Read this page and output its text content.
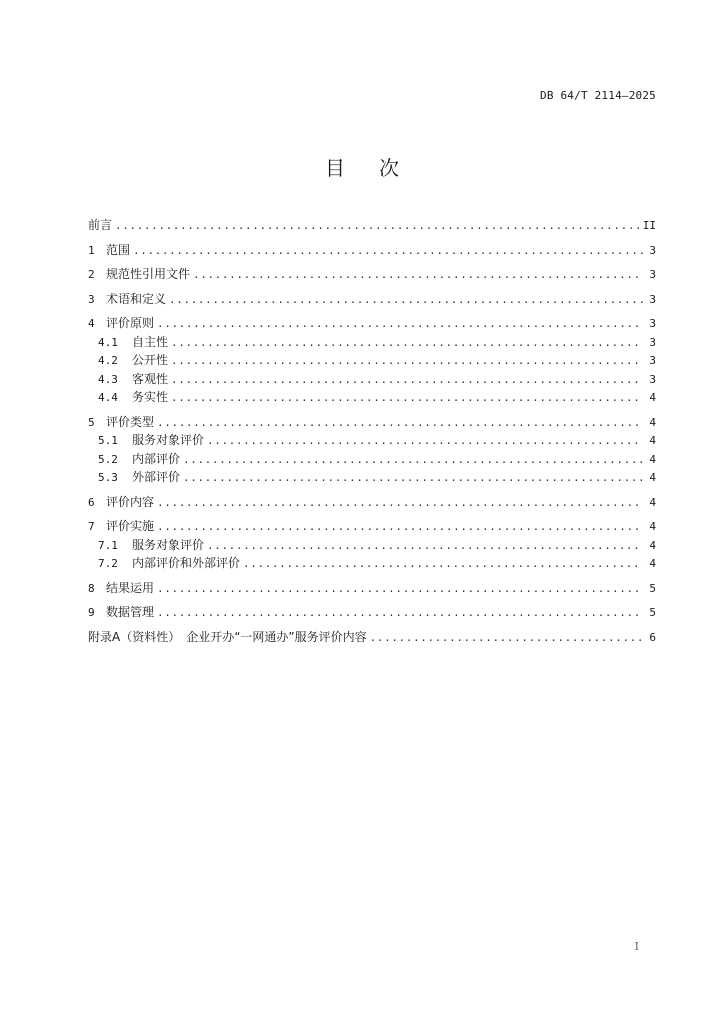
DB 64/T 2114—2025
目 次
前言 .....	II
1 范围 .....	3
2 规范性引用文件 .....	3
3 术语和定义 .....	3
4 评价原则 .....	3
4.1	自主性 .....	3
4.2	公开性 .....	3
4.3	客观性 .....	3
4.4	务实性 .....	4
5 评价类型 .....	4
5.1	服务对象评价 .....	4
5.2	内部评价 .....	4
5.3	外部评价 .....	4
6 评价内容 .....	4
7 评价实施 .....	4
7.1	服务对象评价 .....	4
7.2	内部评价和外部评价 .....	4
8 结果运用 .....	5
9 数据管理 .....	5
附录A（资料性）　企业开办“一网通办”服务评价内容 .....	6
I
